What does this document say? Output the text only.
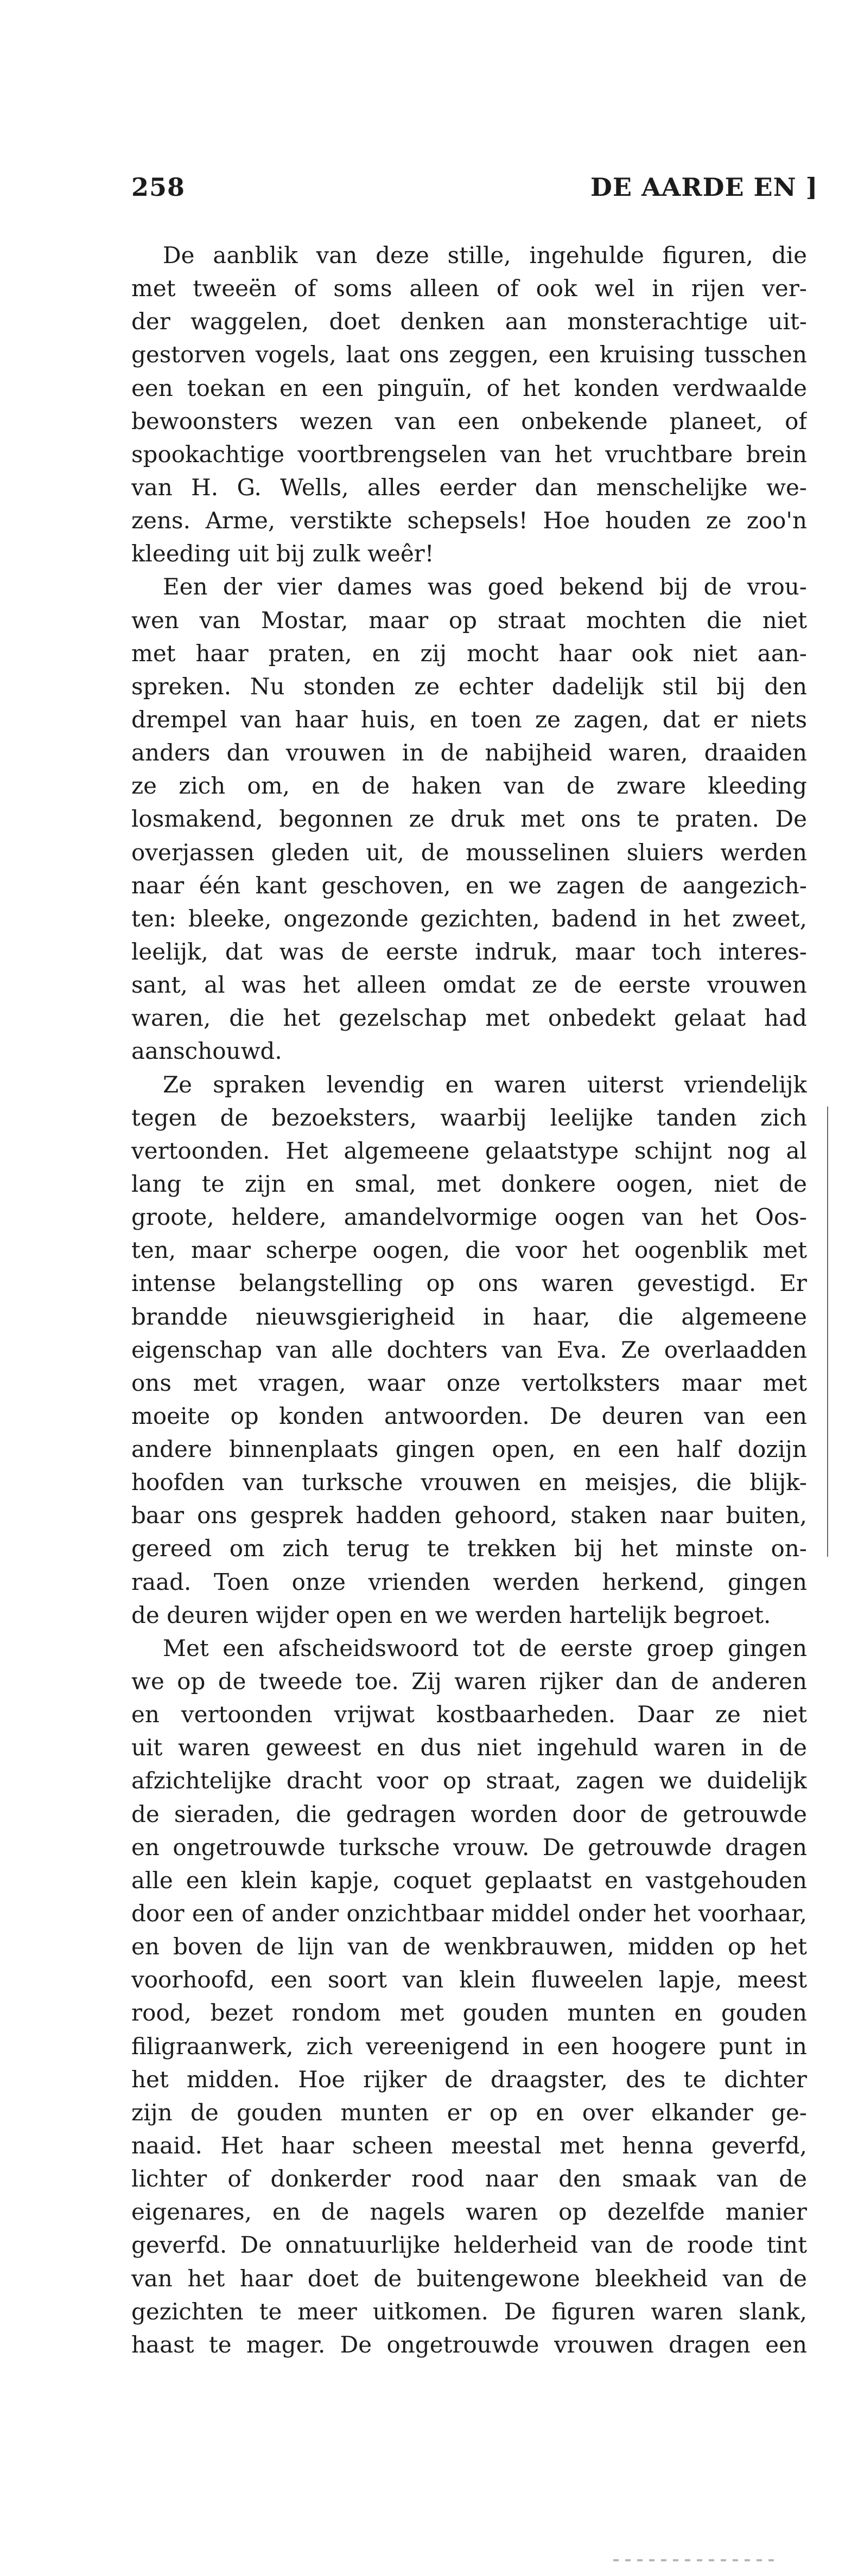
258	DE AARDE EN ]
De aanblik van deze stille, ingehulde figuren, die
met tweeën of soms alleen of ook wel in rijen ver-
der waggelen, doet denken aan monsterachtige uit-
gestorven vogels, laat ons zeggen, een kruising tusschen
een toekan en een pinguïn, of het konden verdwaalde
bewoonsters wezen van een onbekende planeet, of
spookachtige voortbrengselen van het vruchtbare brein
van H. G. Wells, alles eerder dan menschelijke we-
zens. Arme, verstikte schepsels! Hoe houden ze zoo'n
kleeding uit bij zulk weêr!
Een der vier dames was goed bekend bij de vrou-
wen van Mostar, maar op straat mochten die niet
met haar praten, en zij mocht haar ook niet aan-
spreken. Nu stonden ze echter dadelijk stil bij den
drempel van haar huis, en toen ze zagen, dat er niets
anders dan vrouwen in de nabijheid waren, draaiden
ze zich om, en de haken van de zware kleeding
losmakend, begonnen ze druk met ons te praten. De
overjassen gleden uit, de mousselinen sluiers werden
naar één kant geschoven, en we zagen de aangezich-
ten: bleeke, ongezonde gezichten, badend in het zweet,
leelijk, dat was de eerste indruk, maar toch interes-
sant, al was het alleen omdat ze de eerste vrouwen
waren, die het gezelschap met onbedekt gelaat had
aanschouwd.
Ze spraken levendig en waren uiterst vriendelijk
tegen de bezoeksters, waarbij leelijke tanden zich
vertoonden. Het algemeene gelaatstype schijnt nog al
lang te zijn en smal, met donkere oogen, niet de
groote, heldere, amandelvormige oogen van het Oos-
ten, maar scherpe oogen, die voor het oogenblik met
intense belangstelling op ons waren gevestigd. Er
brandde nieuwsgierigheid in haar, die algemeene
eigenschap van alle dochters van Eva. Ze overlaadden
ons met vragen, waar onze vertolksters maar met
moeite op konden antwoorden. De deuren van een
andere binnenplaats gingen open, en een half dozijn
hoofden van turksche vrouwen en meisjes, die blijk-
baar ons gesprek hadden gehoord, staken naar buiten,
gereed om zich terug te trekken bij het minste on-
raad. Toen onze vrienden werden herkend, gingen
de deuren wijder open en we werden hartelijk begroet.
Met een afscheidswoord tot de eerste groep gingen
we op de tweede toe. Zij waren rijker dan de anderen
en vertoonden vrijwat kostbaarheden. Daar ze niet
uit waren geweest en dus niet ingehuld waren in de
afzichtelijke dracht voor op straat, zagen we duidelijk
de sieraden, die gedragen worden door de getrouwde
en ongetrouwde turksche vrouw. De getrouwde dragen
alle een klein kapje, coquet geplaatst en vastgehouden
door een of ander onzichtbaar middel onder het voorhaar,
en boven de lijn van de wenkbrauwen, midden op het
voorhoofd, een soort van klein fluweelen lapje, meest
rood, bezet rondom met gouden munten en gouden
filigraanwerk, zich vereenigend in een hoogere punt in
het midden. Hoe rijker de draagster, des te dichter
zijn de gouden munten er op en over elkander ge-
naaid. Het haar scheen meestal met henna geverfd,
lichter of donkerder rood naar den smaak van de
eigenares, en de nagels waren op dezelfde manier
geverfd. De onnatuurlijke helderheid van de roode tint
van het haar doet de buitengewone bleekheid van de
gezichten te meer uitkomen. De figuren waren slank,
haast te mager. De ongetrouwde vrouwen dragen een
